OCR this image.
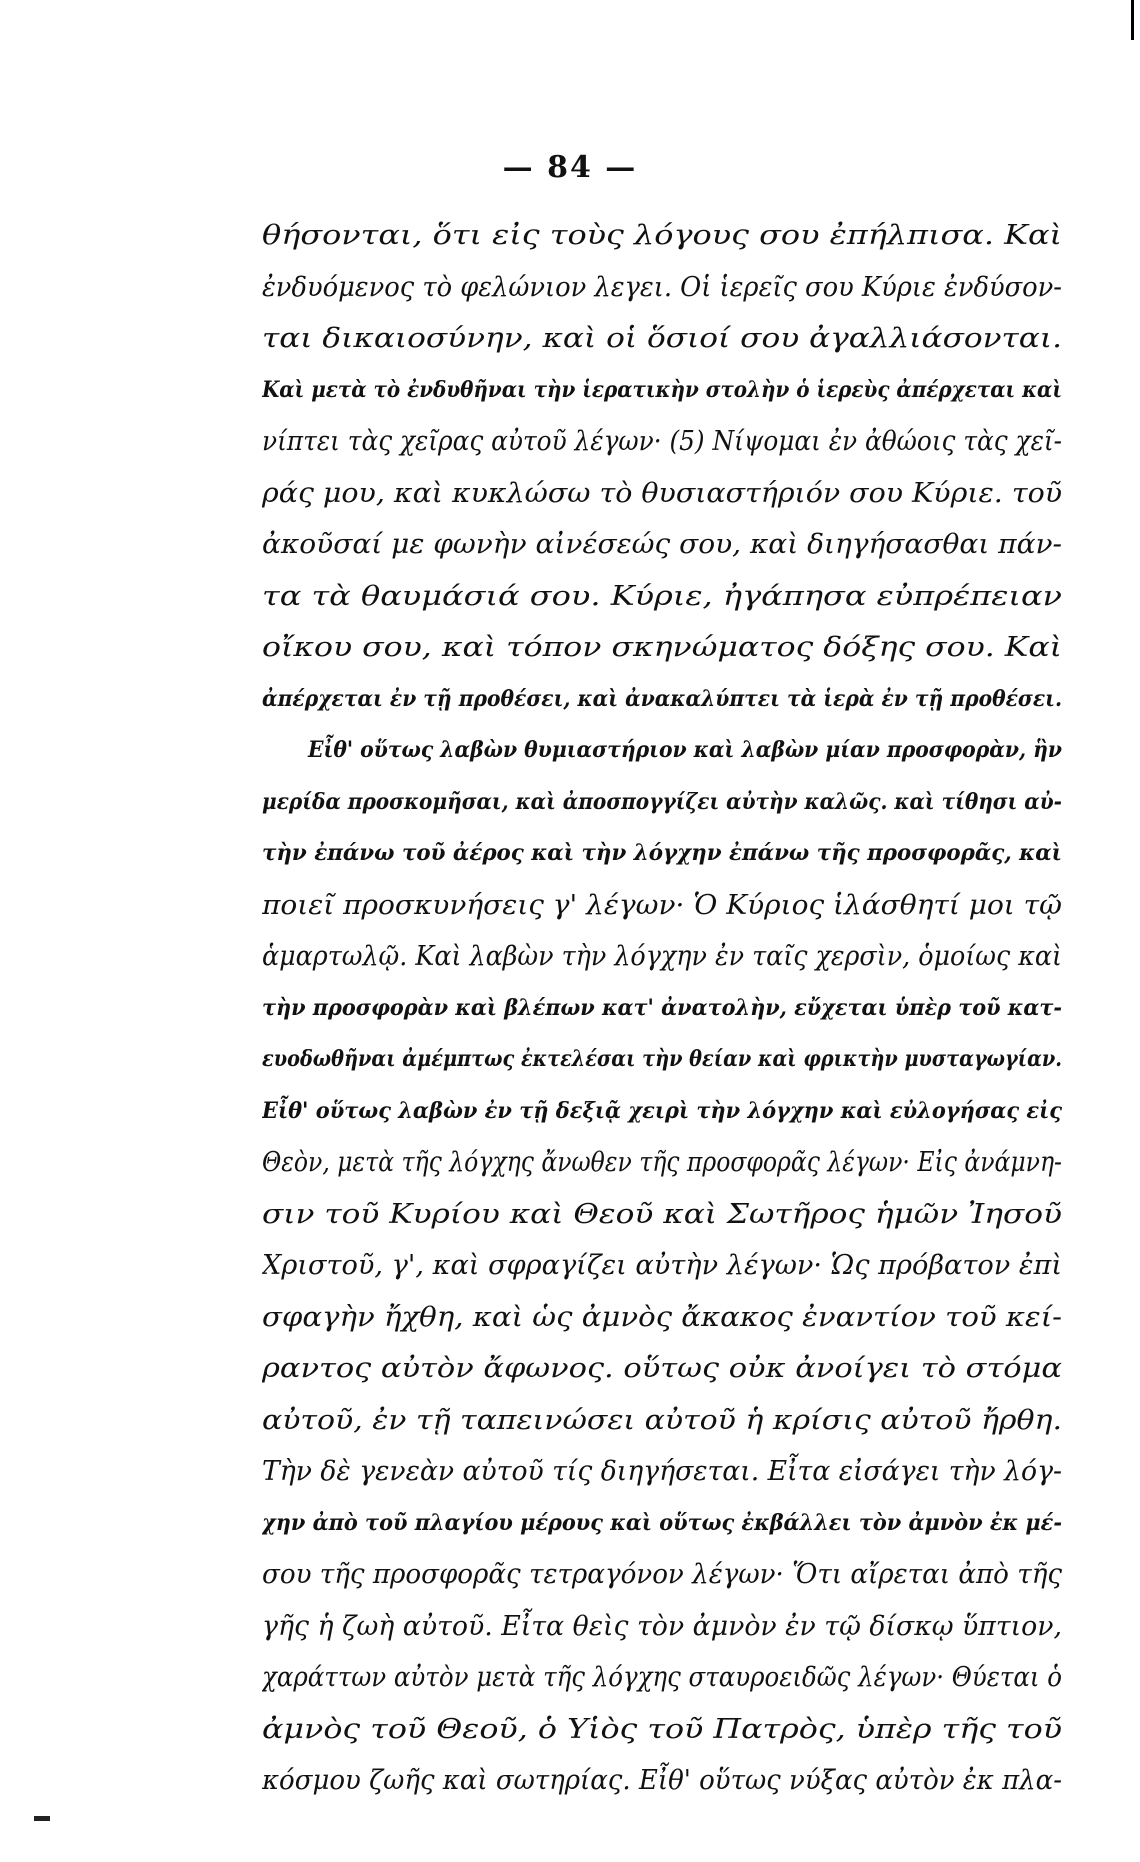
— 84 —
θήσονται, ὅτι εἰς τοὺς λόγους σου ἐπήλπισα. Καὶ
ἐνδυόμενος τὸ φελώνιον λεγει. Οἱ ἱερεῖς σου Κύριε ἐνδύσον-
ται δικαιοσύνην, καὶ οἱ ὅσιοί σου ἀγαλλιάσονται.
Καὶ μετὰ τὸ ἐνδυθῆναι τὴν ἱερατικὴν στολὴν ὁ ἱερεὺς ἀπέρχεται καὶ
νίπτει τὰς χεῖρας αὐτοῦ λέγων· (5) Νίψομαι ἐν ἀθώοις τὰς χεῖ-
ράς μου, καὶ κυκλώσω τὸ θυσιαστήριόν σου Κύριε. τοῦ
ἀκοῦσαί με φωνὴν αἰνέσεώς σου, καὶ διηγήσασθαι πάν-
τα τὰ θαυμάσιά σου. Κύριε, ἠγάπησα εὐπρέπειαν
οἴκου σου, καὶ τόπον σκηνώματος δόξης σου. Καὶ
ἀπέρχεται ἐν τῇ προθέσει, καὶ ἀνακαλύπτει τὰ ἱερὰ ἐν τῇ προθέσει.
Εἶθ' οὕτως λαβὼν θυμιαστήριον καὶ λαβὼν μίαν προσφορὰν, ἣν
μερίδα προσκομῆσαι, καὶ ἀποσπογγίζει αὐτὴν καλῶς. καὶ τίθησι αὐ-
τὴν ἐπάνω τοῦ ἀέρος καὶ τὴν λόγχην ἐπάνω τῆς προσφορᾶς, καὶ
ποιεῖ προσκυνήσεις γ' λέγων· Ὁ Κύριος ἱλάσθητί μοι τῷ
ἁμαρτωλῷ. Καὶ λαβὼν τὴν λόγχην ἐν ταῖς χερσὶν, ὁμοίως καὶ
τὴν προσφορὰν καὶ βλέπων κατ' ἀνατολὴν, εὔχεται ὑπὲρ τοῦ κατ-
ευοδωθῆναι ἀμέμπτως ἐκτελέσαι τὴν θείαν καὶ φρικτὴν μυσταγωγίαν.
Εἶθ' οὕτως λαβὼν ἐν τῇ δεξιᾷ χειρὶ τὴν λόγχην καὶ εὐλογήσας εἰς
Θεὸν, μετὰ τῆς λόγχης ἄνωθεν τῆς προσφορᾶς λέγων· Εἰς ἀνάμνη-
σιν τοῦ Κυρίου καὶ Θεοῦ καὶ Σωτῆρος ἡμῶν Ἰησοῦ
Χριστοῦ, γ', καὶ σφραγίζει αὐτὴν λέγων· Ὡς πρόβατον ἐπὶ
σφαγὴν ἤχθη, καὶ ὡς ἀμνὸς ἄκακος ἐναντίον τοῦ κεί-
ραντος αὐτὸν ἄφωνος. οὕτως οὐκ ἀνοίγει τὸ στόμα
αὐτοῦ, ἐν τῇ ταπεινώσει αὐτοῦ ἡ κρίσις αὐτοῦ ἤρθη.
Τὴν δὲ γενεὰν αὐτοῦ τίς διηγήσεται. Εἶτα εἰσάγει τὴν λόγ-
χην ἀπὸ τοῦ πλαγίου μέρους καὶ οὕτως ἐκβάλλει τὸν ἀμνὸν ἐκ μέ-
σου τῆς προσφορᾶς τετραγόνον λέγων· Ὅτι αἴρεται ἀπὸ τῆς
γῆς ἡ ζωὴ αὐτοῦ. Εἶτα θεὶς τὸν ἀμνὸν ἐν τῷ δίσκῳ ὕπτιον,
χαράττων αὐτὸν μετὰ τῆς λόγχης σταυροειδῶς λέγων· Θύεται ὁ
ἀμνὸς τοῦ Θεοῦ, ὁ Υἱὸς τοῦ Πατρὸς, ὑπὲρ τῆς τοῦ
κόσμου ζωῆς καὶ σωτηρίας. Εἶθ' οὕτως νύξας αὐτὸν ἐκ πλα-
